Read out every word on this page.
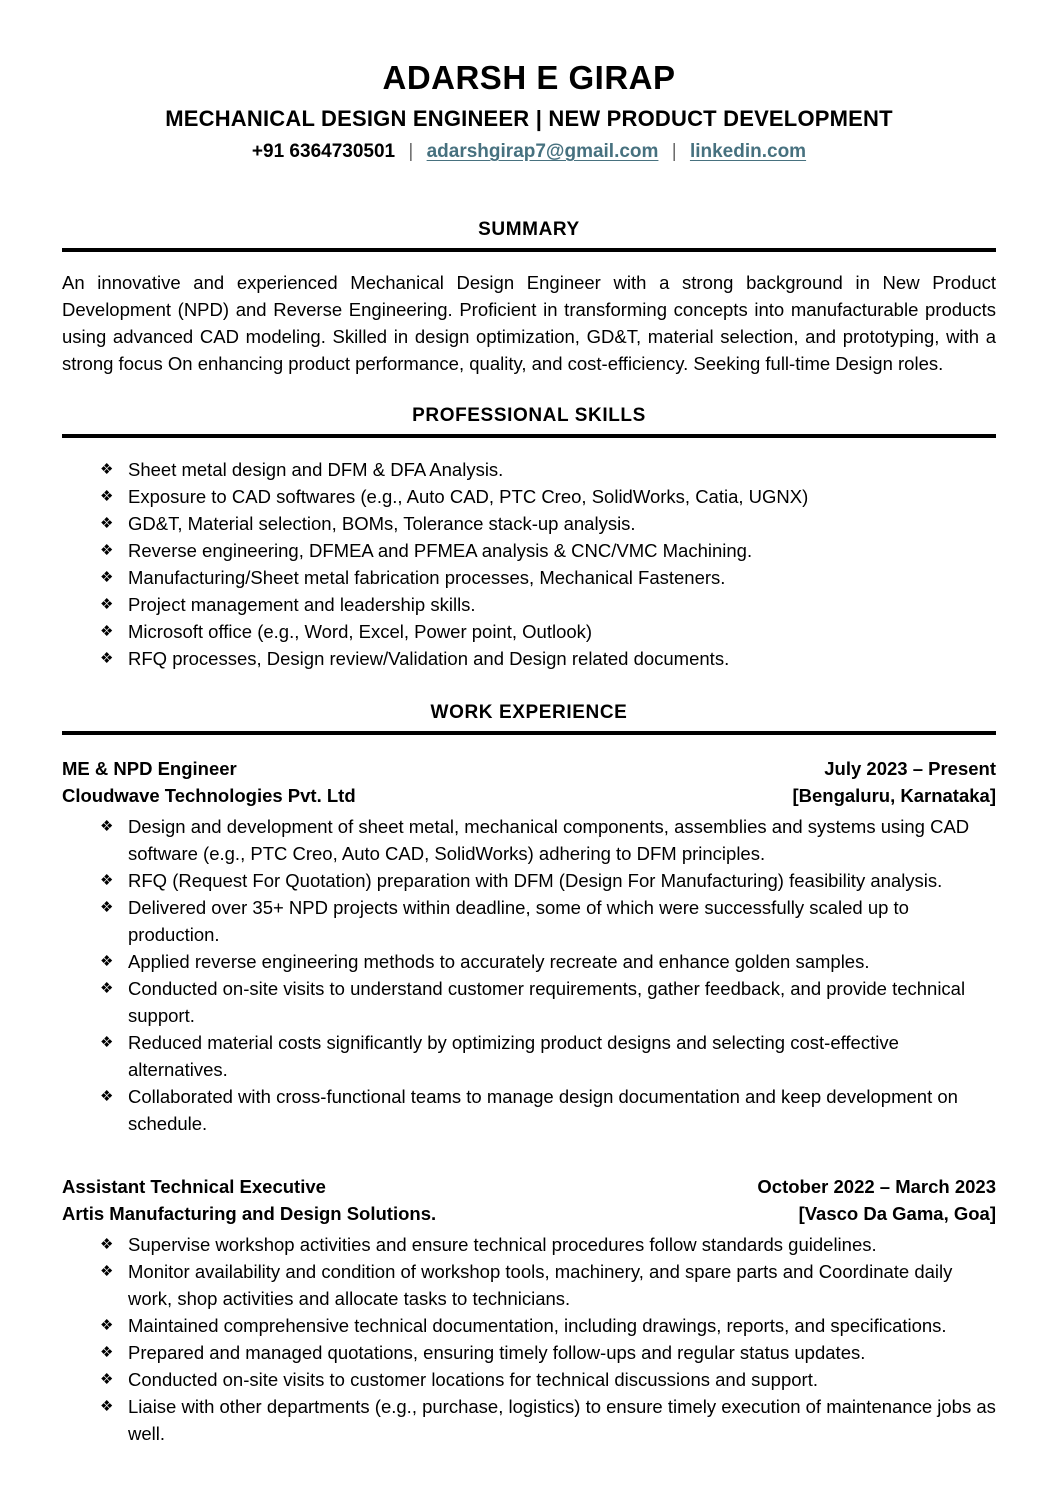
ADARSH E GIRAP
MECHANICAL DESIGN ENGINEER | NEW PRODUCT DEVELOPMENT
+91 6364730501 | adarshgirap7@gmail.com | linkedin.com
SUMMARY

An innovative and experienced Mechanical Design Engineer with a strong background in New Product Development (NPD) and Reverse Engineering. Proficient in transforming concepts into manufacturable products using advanced CAD modeling. Skilled in design optimization, GD&T, material selection, and prototyping, with a strong focus On enhancing product performance, quality, and cost-efficiency. Seeking full-time Design roles.

PROFESSIONAL SKILLS
❖ Sheet metal design and DFM & DFA Analysis.
❖ Exposure to CAD softwares (e.g., Auto CAD, PTC Creo, SolidWorks, Catia, UGNX)
❖ GD&T, Material selection, BOMs, Tolerance stack-up analysis.
❖ Reverse engineering, DFMEA and PFMEA analysis & CNC/VMC Machining.
❖ Manufacturing/Sheet metal fabrication processes, Mechanical Fasteners.
❖ Project management and leadership skills.
❖ Microsoft office (e.g., Word, Excel, Power point, Outlook)
❖ RFQ processes, Design review/Validation and Design related documents.
WORK EXPERIENCE
ME & NPD Engineer	July 2023 – Present
Cloudwave Technologies Pvt. Ltd	[Bengaluru, Karnataka]
❖ Design and development of sheet metal, mechanical components, assemblies and systems using CAD software (e.g., PTC Creo, Auto CAD, SolidWorks) adhering to DFM principles.
❖ RFQ (Request For Quotation) preparation with DFM (Design For Manufacturing) feasibility analysis.
❖ Delivered over 35+ NPD projects within deadline, some of which were successfully scaled up to production.
❖ Applied reverse engineering methods to accurately recreate and enhance golden samples.
❖ Conducted on-site visits to understand customer requirements, gather feedback, and provide technical support.
❖ Reduced material costs significantly by optimizing product designs and selecting cost-effective alternatives.
❖ Collaborated with cross-functional teams to manage design documentation and keep development on schedule.
Assistant Technical Executive	October 2022 – March 2023
Artis Manufacturing and Design Solutions.	[Vasco Da Gama, Goa]
❖ Supervise workshop activities and ensure technical procedures follow standards guidelines.
❖ Monitor availability and condition of workshop tools, machinery, and spare parts and Coordinate daily work, shop activities and allocate tasks to technicians.
❖ Maintained comprehensive technical documentation, including drawings, reports, and specifications.
❖ Prepared and managed quotations, ensuring timely follow-ups and regular status updates.
❖ Conducted on-site visits to customer locations for technical discussions and support.
❖ Liaise with other departments (e.g., purchase, logistics) to ensure timely execution of maintenance jobs as well.
